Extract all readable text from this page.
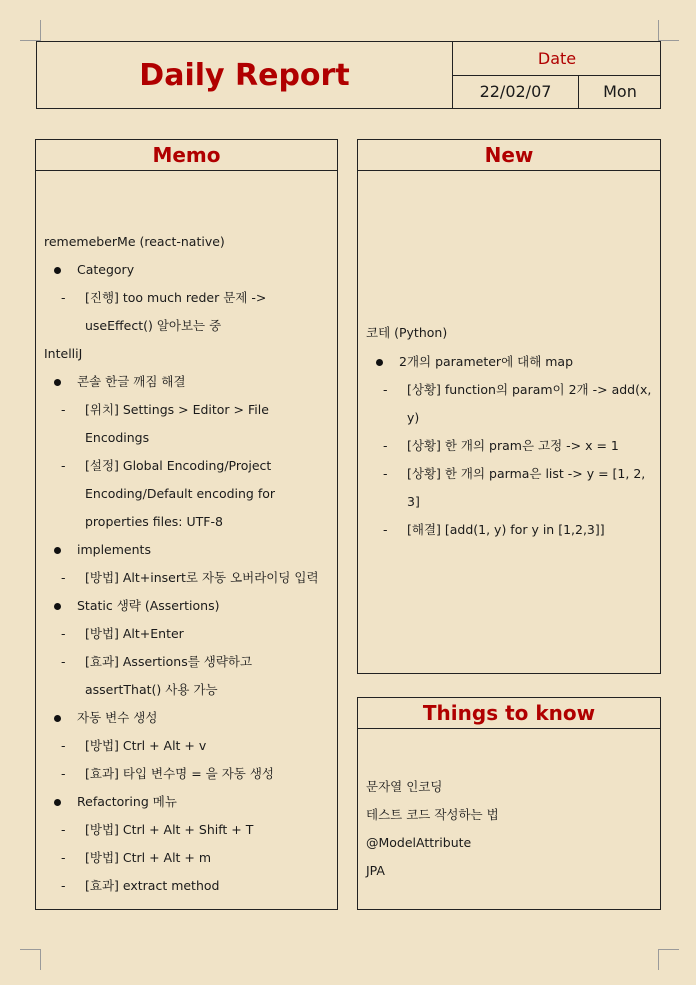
Daily Report	Date
22/02/07	Mon
Memo
rememeberMe (react-native)
Category
- [진행] too much reder 문제 ->
useEffect() 알아보는 중
IntelliJ
콘솔 한글 깨짐 해결
- [위치] Settings > Editor > File
Encodings
- [설정] Global Encoding/Project
Encoding/Default encoding for
properties files: UTF-8
implements
- [방법] Alt+insert로 자동 오버라이딩 입력
Static 생략 (Assertions)
- [방법] Alt+Enter
- [효과] Assertions를 생략하고
assertThat() 사용 가능
자동 변수 생성
- [방법] Ctrl + Alt + v
- [효과] 타입 변수명 = 을 자동 생성
Refactoring 메뉴
- [방법] Ctrl + Alt + Shift + T
- [방법] Ctrl + Alt + m
- [효과] extract method
New
코테 (Python)
2개의 parameter에 대해 map
- [상황] function의 param이 2개 -> add(x,
y)
- [상황] 한 개의 pram은 고정 -> x = 1
- [상황] 한 개의 parma은 list -> y = [1, 2,
3]
- [해결] [add(1, y) for y in [1,2,3]]
Things to know
문자열 인코딩
테스트 코드 작성하는 법
@ModelAttribute
JPA
